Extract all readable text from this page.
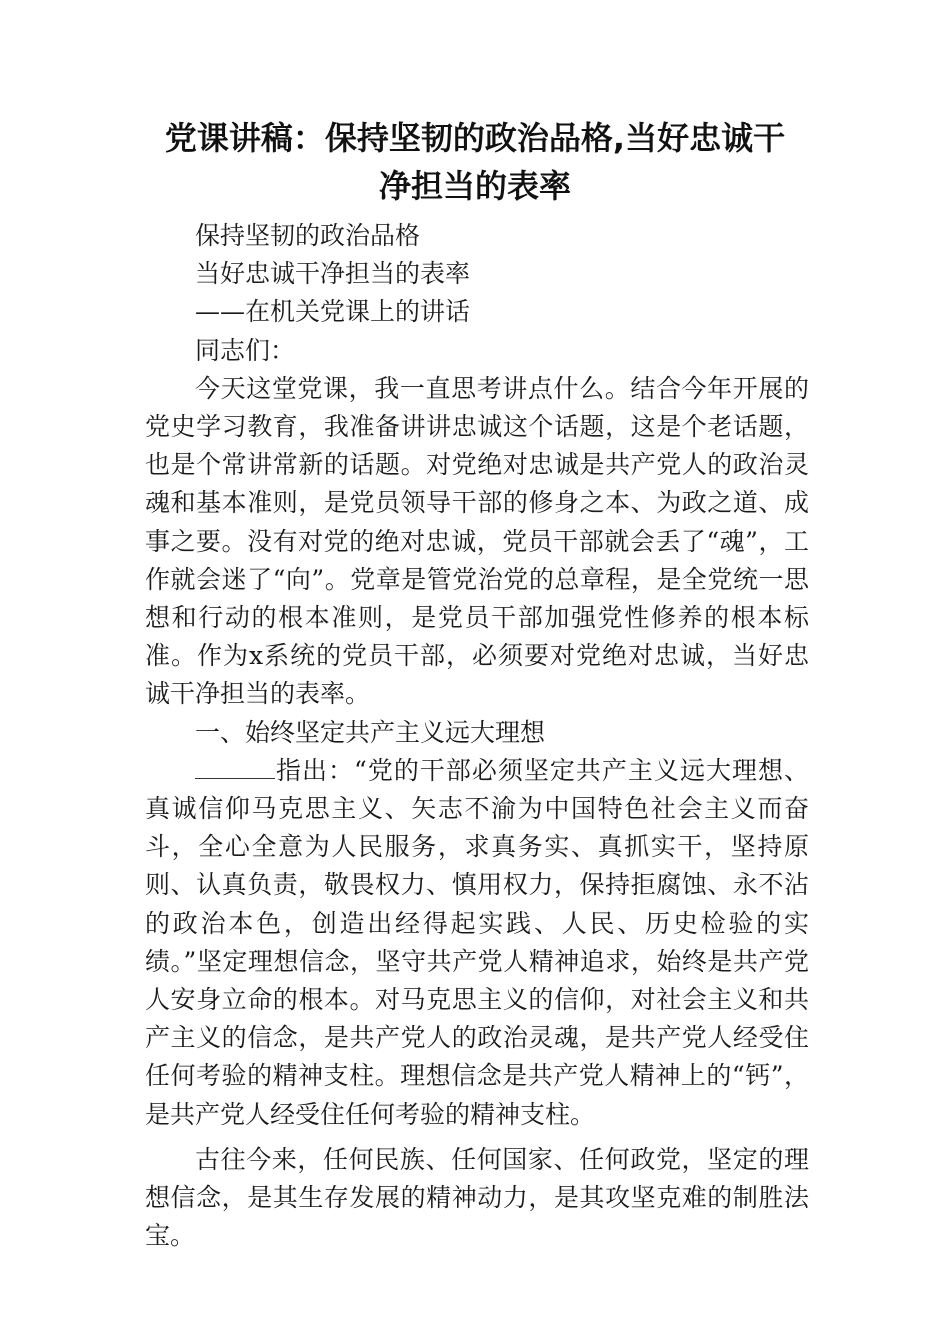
党课讲稿：保持坚韧的政治品格,当好忠诚干
净担当的表率

保持坚韧的政治品格

当好忠诚干净担当的表率

——在机关党课上的讲话

同志们：

今天这堂党课，我一直思考讲点什么。结合今年开展的党史学习教育，我准备讲讲忠诚这个话题，这是个老话题，也是个常讲常新的话题。对党绝对忠诚是共产党人的政治灵魂和基本准则，是党员领导干部的修身之本、为政之道、成事之要。没有对党的绝对忠诚，党员干部就会丢了“魂”，工作就会迷了“向”。党章是管党治党的总章程，是全党统一思想和行动的根本准则，是党员干部加强党性修养的根本标准。作为x系统的党员干部，必须要对党绝对忠诚，当好忠诚干净担当的表率。

一、始终坚定共产主义远大理想

指出：“党的干部必须坚定共产主义远大理想、真诚信仰马克思主义、矢志不渝为中国特色社会主义而奋斗，全心全意为人民服务，求真务实、真抓实干，坚持原则、认真负责，敬畏权力、慎用权力，保持拒腐蚀、永不沾的政治本色，创造出经得起实践、人民、历史检验的实绩。”坚定理想信念，坚守共产党人精神追求，始终是共产党人安身立命的根本。对马克思主义的信仰，对社会主义和共产主义的信念，是共产党人的政治灵魂，是共产党人经受住任何考验的精神支柱。理想信念是共产党人精神上的“钙”，是共产党人经受住任何考验的精神支柱。

古往今来，任何民族、任何国家、任何政党，坚定的理想信念，是其生存发展的精神动力，是其攻坚克难的制胜法宝。
